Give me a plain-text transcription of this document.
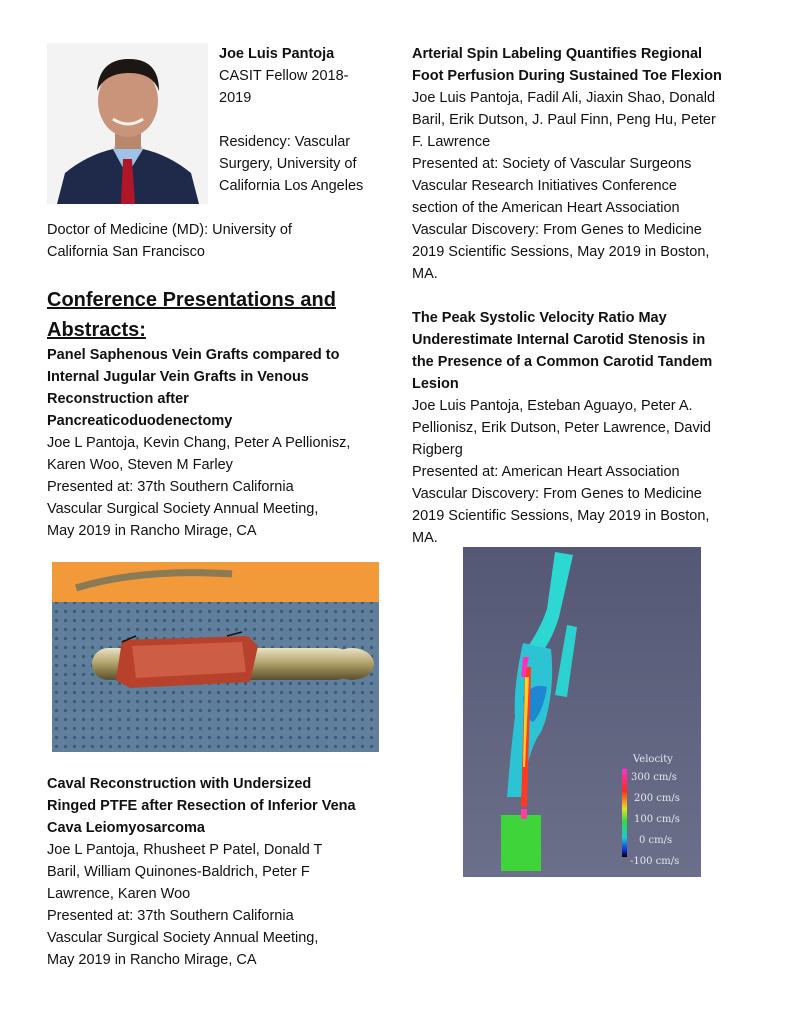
Joe Luis Pantoja

CASIT Fellow 2018-

2019

Residency: Vascular

Surgery, University of

California Los Angeles

Doctor of Medicine (MD): University of

California San Francisco

Conference Presentations and

Abstracts:

Panel Saphenous Vein Grafts compared to

Internal Jugular Vein Grafts in Venous

Reconstruction after

Pancreaticoduodenectomy

Joe L Pantoja, Kevin Chang, Peter A Pellionisz,

Karen Woo, Steven M Farley

Presented at: 37th Southern California

Vascular Surgical Society Annual Meeting,

May 2019 in Rancho Mirage, CA

Caval Reconstruction with Undersized

Ringed PTFE after Resection of Inferior Vena

Cava Leiomyosarcoma

Joe L Pantoja, Rhusheet P Patel, Donald T

Baril, William Quinones-Baldrich, Peter F

Lawrence, Karen Woo

Presented at: 37th Southern California

Vascular Surgical Society Annual Meeting,

May 2019 in Rancho Mirage, CA

Arterial Spin Labeling Quantifies Regional

Foot Perfusion During Sustained Toe Flexion

Joe Luis Pantoja, Fadil Ali, Jiaxin Shao, Donald

Baril, Erik Dutson, J. Paul Finn, Peng Hu, Peter

F. Lawrence

Presented at: Society of Vascular Surgeons

Vascular Research Initiatives Conference

section of the American Heart Association

Vascular Discovery: From Genes to Medicine

2019 Scientific Sessions, May 2019 in Boston,

MA.

The Peak Systolic Velocity Ratio May

Underestimate Internal Carotid Stenosis in

the Presence of a Common Carotid Tandem

Lesion

Joe Luis Pantoja, Esteban Aguayo, Peter A.

Pellionisz, Erik Dutson, Peter Lawrence, David

Rigberg

Presented at: American Heart Association

Vascular Discovery: From Genes to Medicine

2019 Scientific Sessions, May 2019 in Boston,

MA.

Velocity
300 cm/s
200 cm/s
100 cm/s
0 cm/s
-100 cm/s
